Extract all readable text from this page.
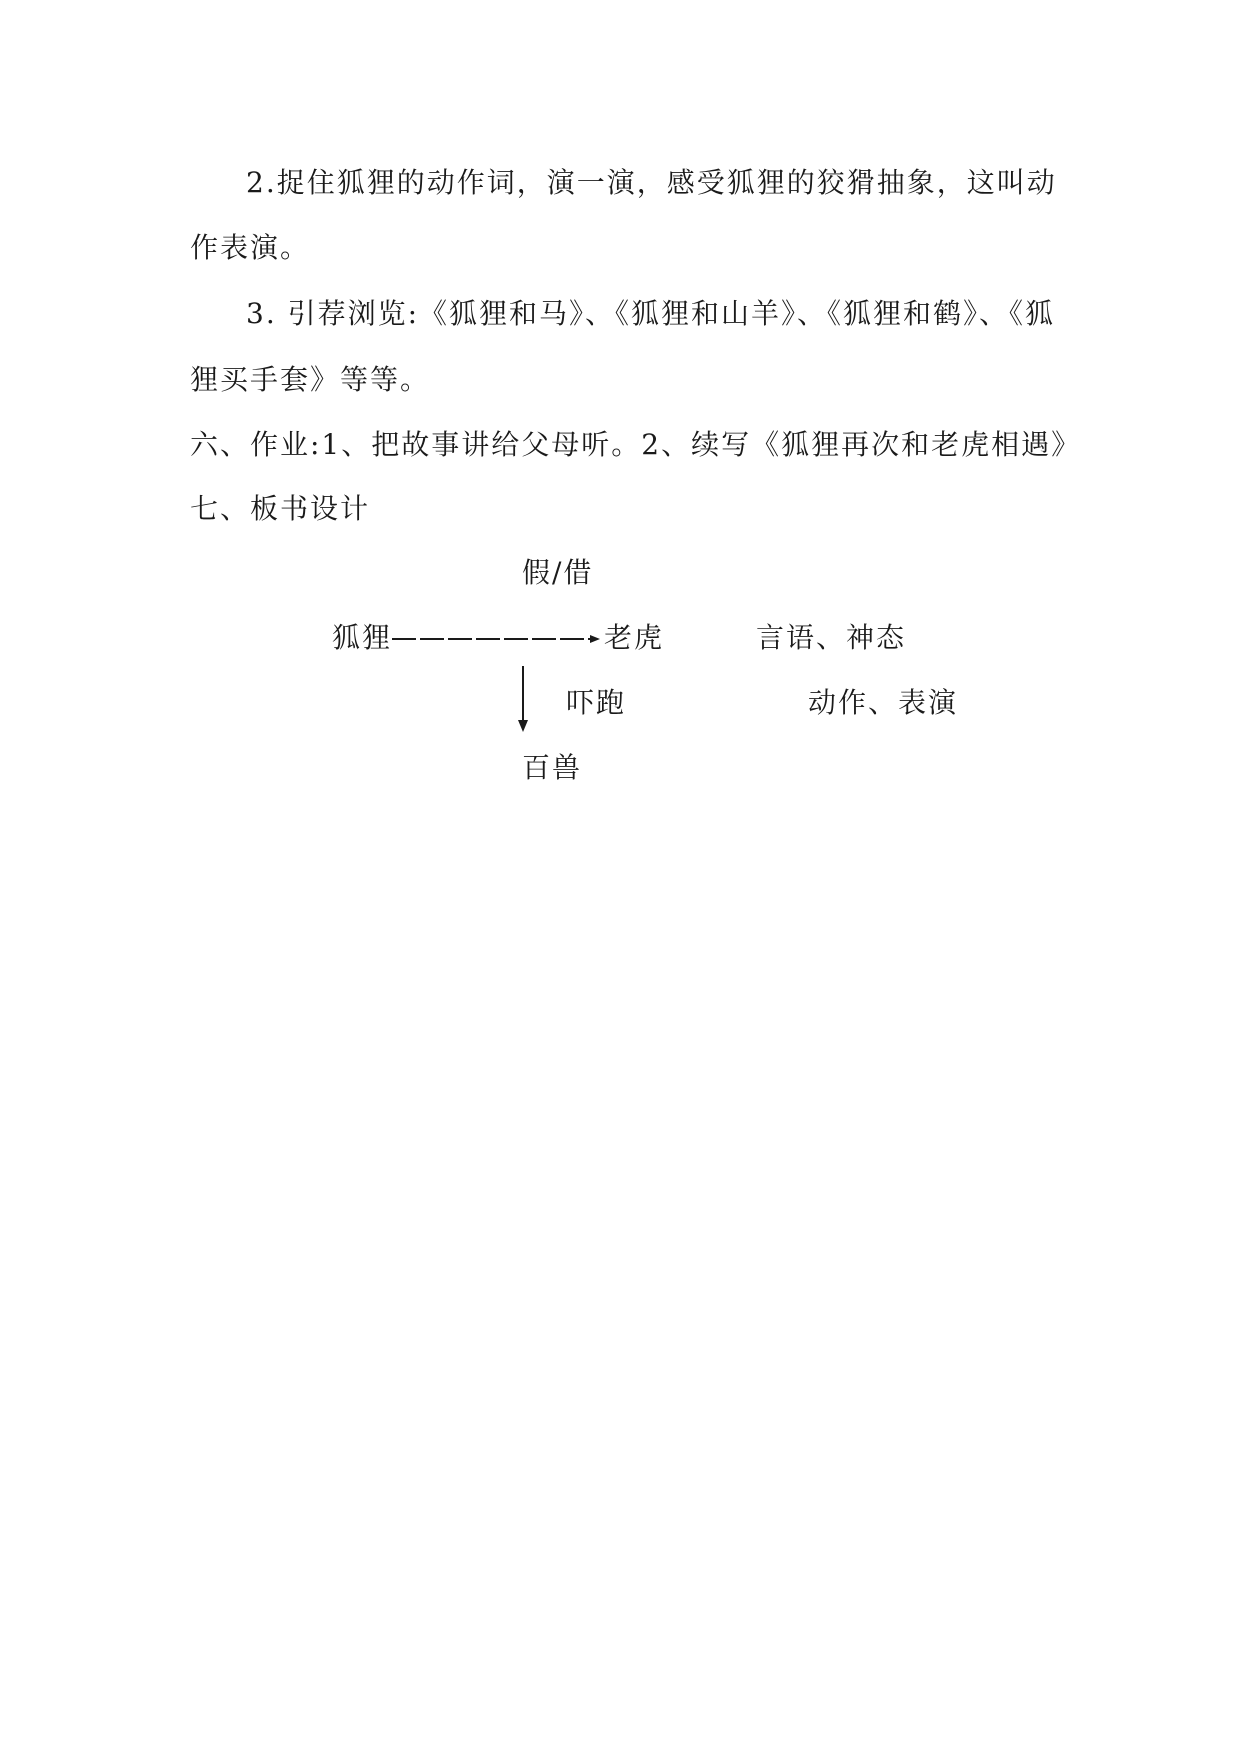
2.捉住狐狸的动作词，演一演，感受狐狸的狡猾抽象，这叫动
作表演。
3. 引荐浏览:《狐狸和马》、《狐狸和山羊》、《狐狸和鹤》、《狐
狸买手套》等等。
六、作业:1、把故事讲给父母听。2、续写《狐狸再次和老虎相遇》
七、板书设计
假/借
狐狸	老虎	言语、神态
吓跑	动作、表演
百兽
